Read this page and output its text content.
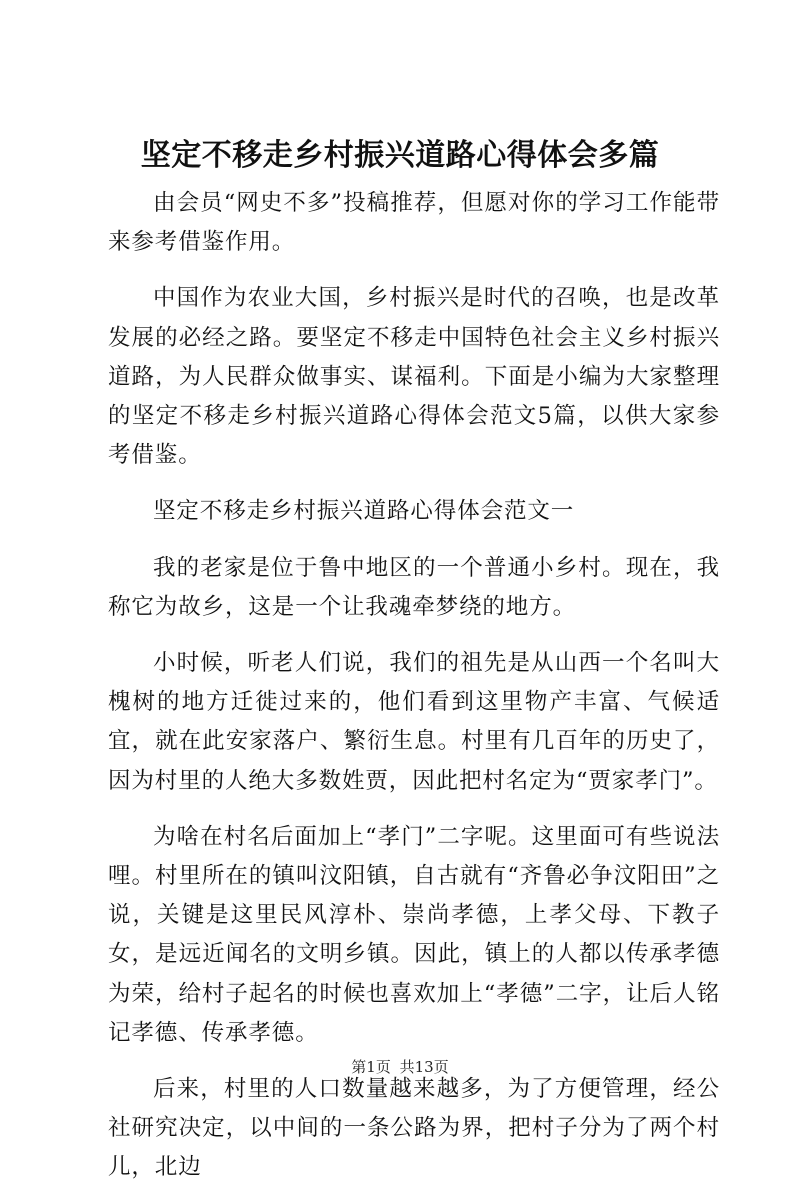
坚定不移走乡村振兴道路心得体会多篇

由会员“网史不多”投稿推荐，但愿对你的学习工作能带来参考借鉴作用。

中国作为农业大国，乡村振兴是时代的召唤，也是改革发展的必经之路。要坚定不移走中国特色社会主义乡村振兴道路，为人民群众做事实、谋福利。下面是小编为大家整理的坚定不移走乡村振兴道路心得体会范文5篇，以供大家参考借鉴。

坚定不移走乡村振兴道路心得体会范文一

我的老家是位于鲁中地区的一个普通小乡村。现在，我称它为故乡，这是一个让我魂牵梦绕的地方。

小时候，听老人们说，我们的祖先是从山西一个名叫大槐树的地方迁徙过来的，他们看到这里物产丰富、气候适宜，就在此安家落户、繁衍生息。村里有几百年的历史了，因为村里的人绝大多数姓贾，因此把村名定为“贾家孝门”。

为啥在村名后面加上“孝门”二字呢。这里面可有些说法哩。村里所在的镇叫汶阳镇，自古就有“齐鲁必争汶阳田”之说，关键是这里民风淳朴、崇尚孝德，上孝父母、下教子女，是远近闻名的文明乡镇。因此，镇上的人都以传承孝德为荣，给村子起名的时候也喜欢加上“孝德”二字，让后人铭记孝德、传承孝德。

后来，村里的人口数量越来越多，为了方便管理，经公社研究决定，以中间的一条公路为界，把村子分为了两个村儿，北边

第1页 共13页
